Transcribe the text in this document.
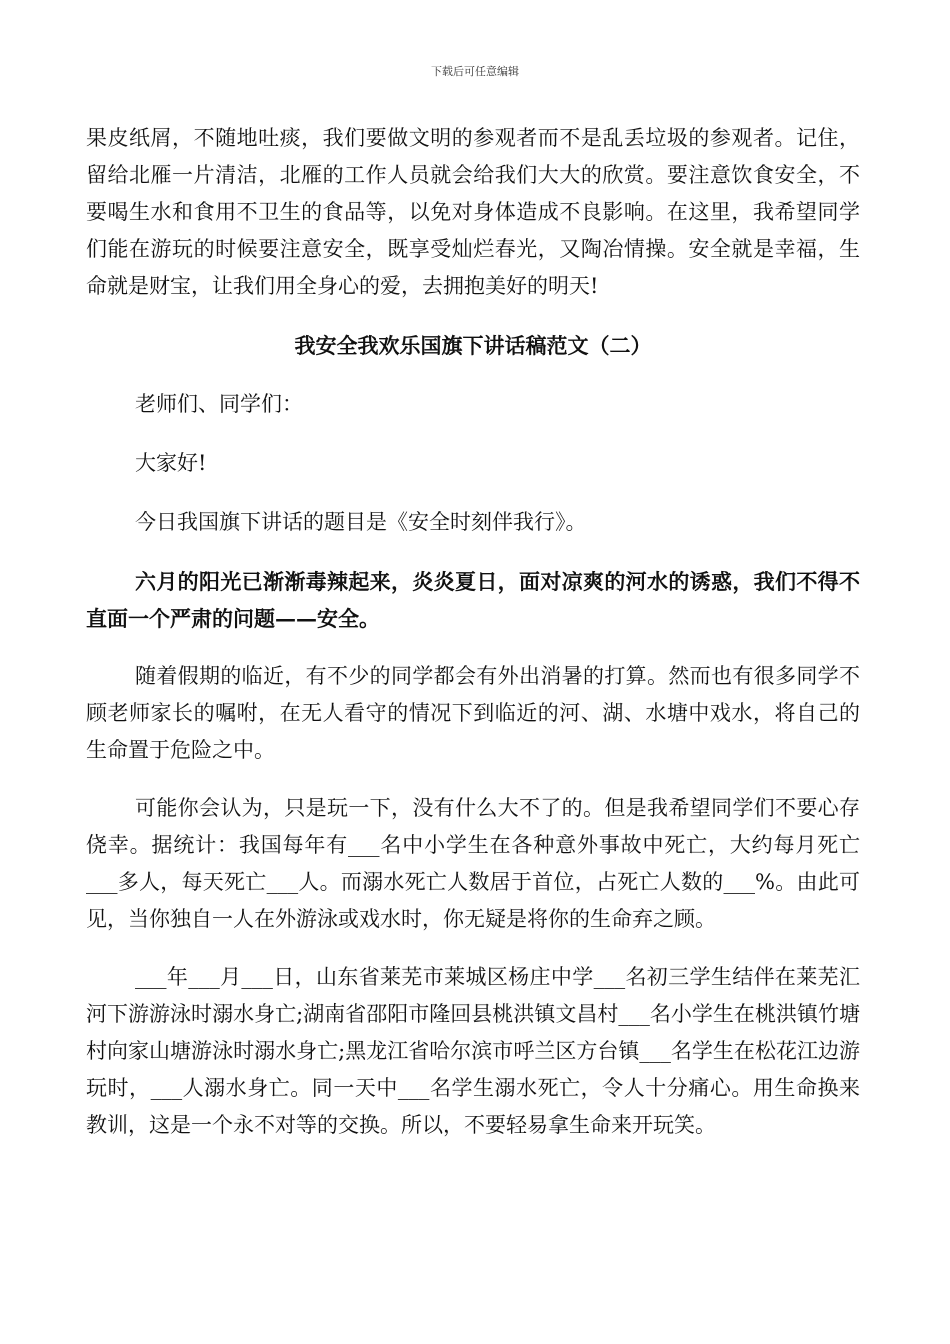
下载后可任意编辑

果皮纸屑，不随地吐痰，我们要做文明的参观者而不是乱丢垃圾的参观者。记住，留给北雁一片清洁，北雁的工作人员就会给我们大大的欣赏。要注意饮食安全，不要喝生水和食用不卫生的食品等，以免对身体造成不良影响。在这里，我希望同学们能在游玩的时候要注意安全，既享受灿烂春光，又陶冶情操。安全就是幸福，生命就是财宝，让我们用全身心的爱，去拥抱美好的明天!

我安全我欢乐国旗下讲话稿范文（二）

老师们、同学们：

大家好!

今日我国旗下讲话的题目是《安全时刻伴我行》。

六月的阳光已渐渐毒辣起来，炎炎夏日，面对凉爽的河水的诱惑，我们不得不直面一个严肃的问题——安全。

随着假期的临近，有不少的同学都会有外出消暑的打算。然而也有很多同学不顾老师家长的嘱咐，在无人看守的情况下到临近的河、湖、水塘中戏水，将自己的生命置于危险之中。

可能你会认为，只是玩一下，没有什么大不了的。但是我希望同学们不要心存侥幸。据统计：我国每年有___名中小学生在各种意外事故中死亡，大约每月死亡___多人，每天死亡___人。而溺水死亡人数居于首位，占死亡人数的___%。由此可见，当你独自一人在外游泳或戏水时，你无疑是将你的生命弃之顾。

___年___月___日，山东省莱芜市莱城区杨庄中学___名初三学生结伴在莱芜汇河下游游泳时溺水身亡;湖南省邵阳市隆回县桃洪镇文昌村___名小学生在桃洪镇竹塘村向家山塘游泳时溺水身亡;黑龙江省哈尔滨市呼兰区方台镇___名学生在松花江边游玩时，___人溺水身亡。同一天中___名学生溺水死亡，令人十分痛心。用生命换来教训，这是一个永不对等的交换。所以，不要轻易拿生命来开玩笑。
